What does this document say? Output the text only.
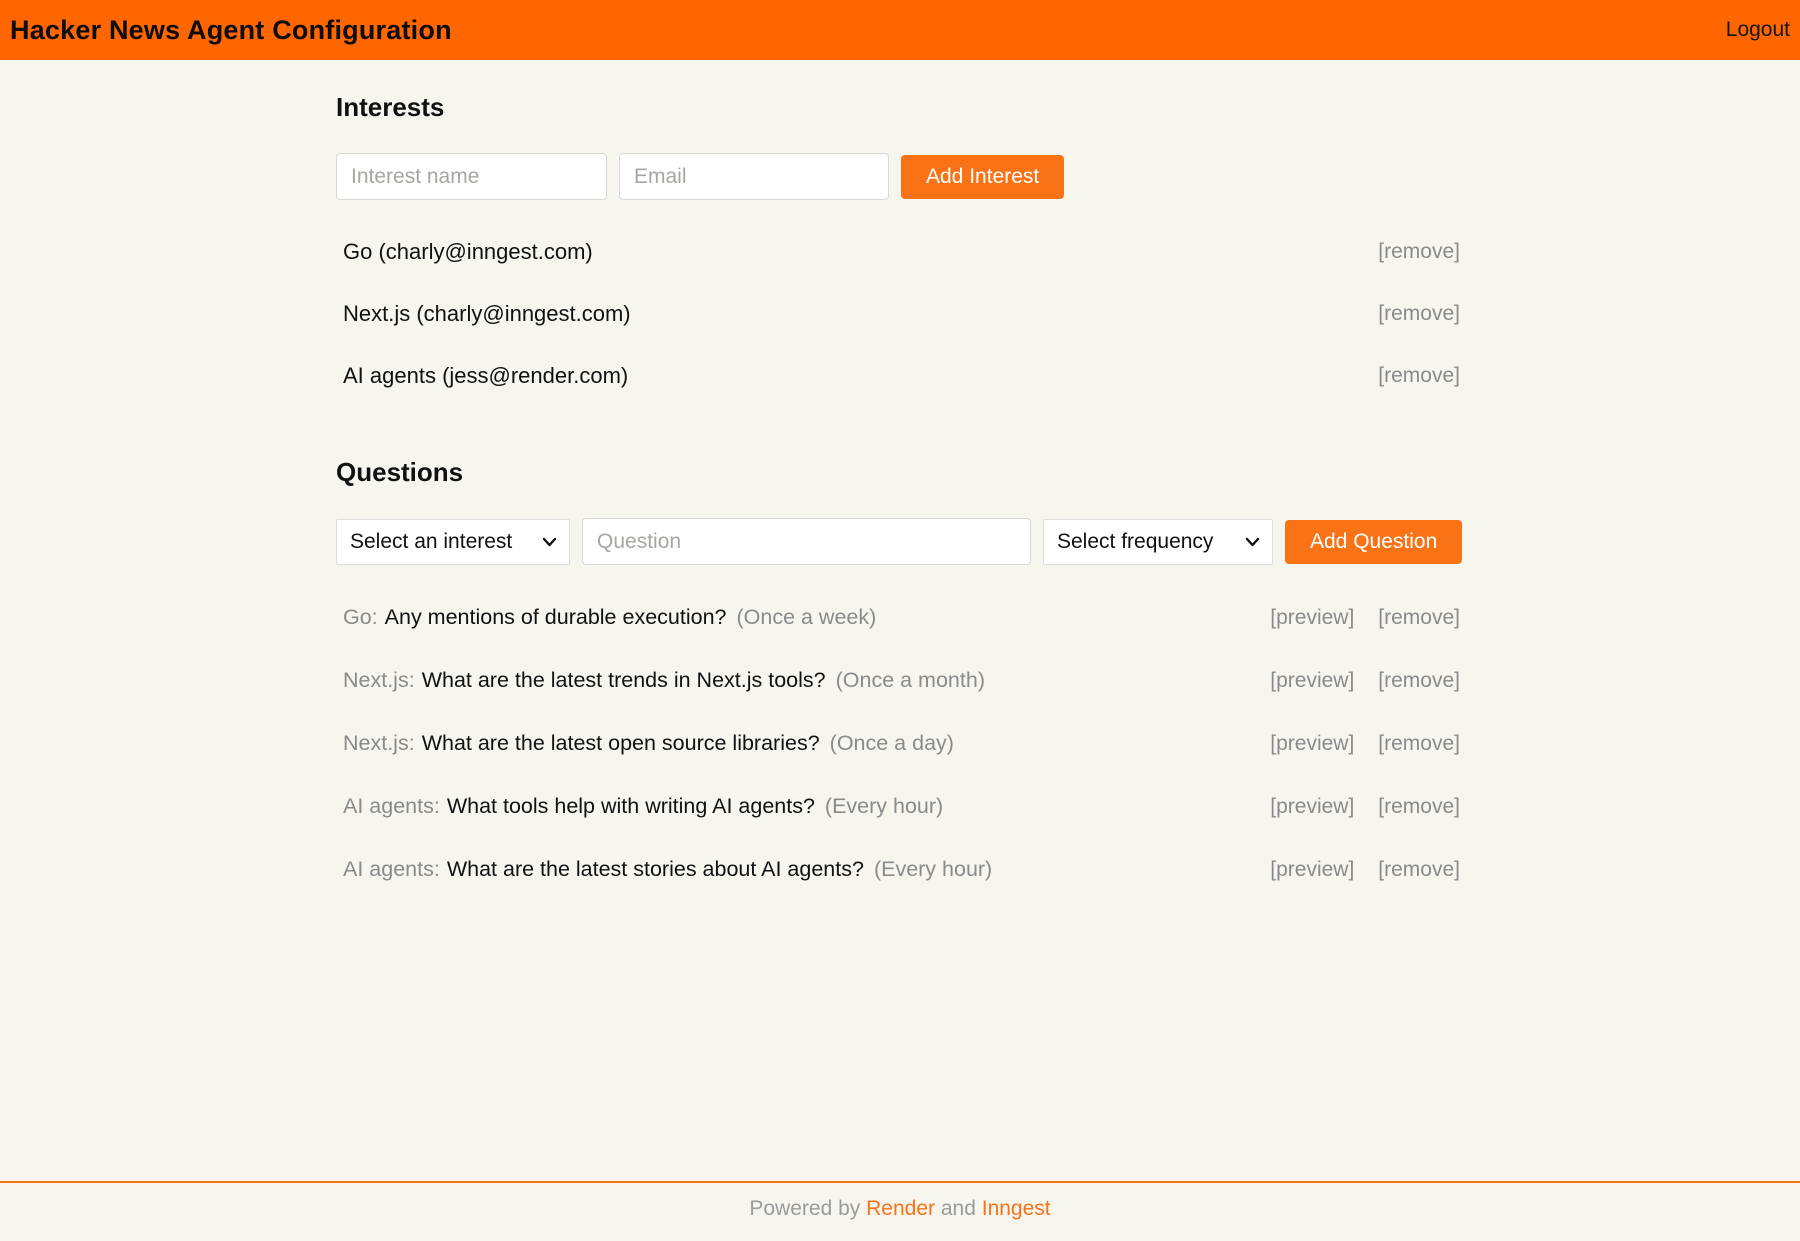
Hacker News Agent Configuration	Logout
Interests
Interest name
Email
Add Interest
Go (charly@inngest.com)	[remove]
Next.js (charly@inngest.com)	[remove]
AI agents (jess@render.com)	[remove]
Questions
Select an interest
Question	Select frequency	Add Question
Go: Any mentions of durable execution? (Once a week)	[preview] [remove]
Next.js: What are the latest trends in Next.js tools? (Once a month)	[preview] [remove]
Next.js: What are the latest open source libraries? (Once a day)	[preview] [remove]
AI agents: What tools help with writing AI agents? (Every hour)	[preview] [remove]
AI agents: What are the latest stories about AI agents? (Every hour)	[preview] [remove]
Powered by Render and Inngest
